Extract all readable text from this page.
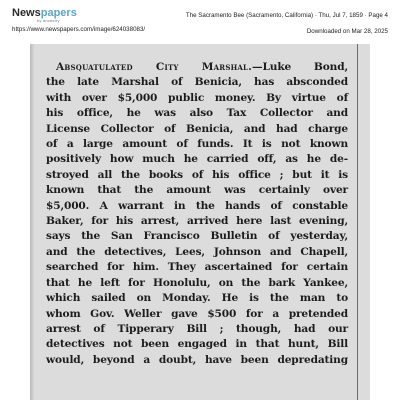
Newspapers
by ancestry
https://www.newspapers.com/image/624038083/
The Sacramento Bee (Sacramento, California) · Thu, Jul 7, 1859 · Page 4
Downloaded on Mar 28, 2025
Absquatulated City Marshal.—Luke Bond,
the late Marshal of Benicia, has absconded
with over $5,000 public money. By virtue of
his office, he was also Tax Collector and
License Collector of Benicia, and had charge
of a large amount of funds. It is not known
positively how much he carried off, as he de-
stroyed all the books of his office ; but it is
known that the amount was certainly over
$5,000. A warrant in the hands of constable
Baker, for his arrest, arrived here last evening,
says the San Francisco Bulletin of yesterday,
and the detectives, Lees, Johnson and Chapell,
searched for him. They ascertained for certain
that he left for Honolulu, on the bark Yankee,
which sailed on Monday. He is the man to
whom Gov. Weller gave $500 for a pretended
arrest of Tipperary Bill ; though, had our
detectives not been engaged in that hunt, Bill
would, beyond a doubt, have been depredating
